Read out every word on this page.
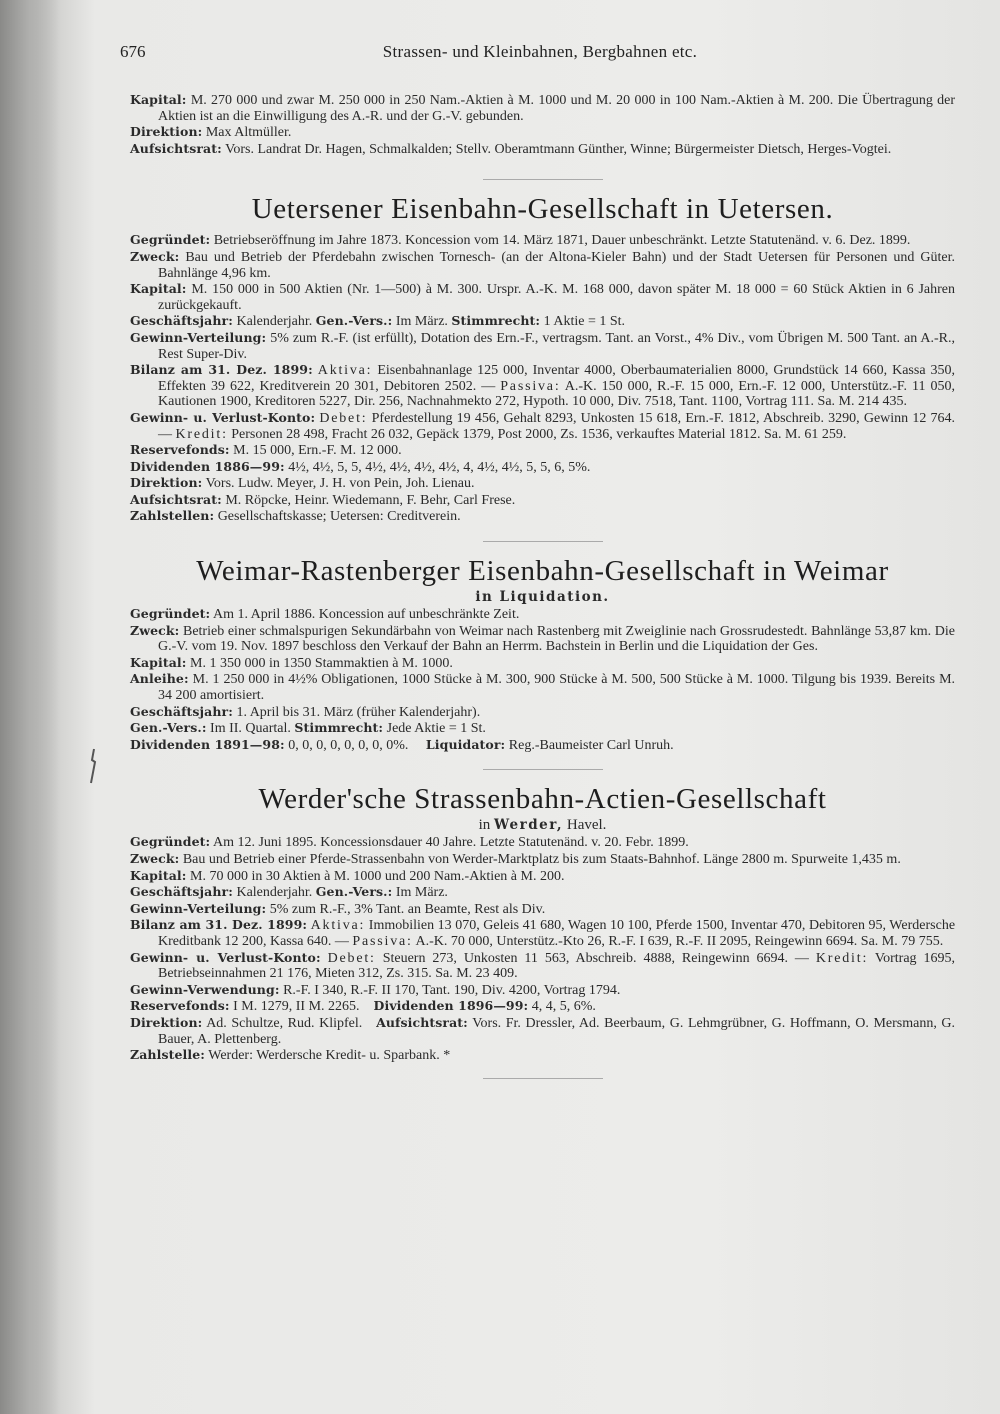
676	Strassen- und Kleinbahnen, Bergbahnen etc.
Kapital: M. 270 000 und zwar M. 250 000 in 250 Nam.-Aktien à M. 1000 und M. 20 000 in 100 Nam.-Aktien à M. 200. Die Übertragung der Aktien ist an die Einwilligung des A.-R. und der G.-V. gebunden.
Direktion: Max Altmüller.
Aufsichtsrat: Vors. Landrat Dr. Hagen, Schmalkalden; Stellv. Oberamtmann Günther, Winne; Bürgermeister Dietsch, Herges-Vogtei.
Uetersener Eisenbahn-Gesellschaft in Uetersen.
Gegründet: Betriebseröffnung im Jahre 1873. Koncession vom 14. März 1871, Dauer unbeschränkt. Letzte Statutenänd. v. 6. Dez. 1899.
Zweck: Bau und Betrieb der Pferdebahn zwischen Tornesch- (an der Altona-Kieler Bahn) und der Stadt Uetersen für Personen und Güter. Bahnlänge 4,96 km.
Kapital: M. 150 000 in 500 Aktien (Nr. 1—500) à M. 300. Urspr. A.-K. M. 168 000, davon später M. 18 000 = 60 Stück Aktien in 6 Jahren zurückgekauft.
Geschäftsjahr: Kalenderjahr. Gen.-Vers.: Im März. Stimmrecht: 1 Aktie = 1 St.
Gewinn-Verteilung: 5% zum R.-F. (ist erfüllt), Dotation des Ern.-F., vertragsm. Tant. an Vorst., 4% Div., vom Übrigen M. 500 Tant. an A.-R., Rest Super-Div.
Bilanz am 31. Dez. 1899: Aktiva: Eisenbahnanlage 125 000, Inventar 4000, Oberbaumaterialien 8000, Grundstück 14 660, Kassa 350, Effekten 39 622, Kreditverein 20 301, Debitoren 2502. — Passiva: A.-K. 150 000, R.-F. 15 000, Ern.-F. 12 000, Unterstütz.-F. 11 050, Kautionen 1900, Kreditoren 5227, Dir. 256, Nachnahmekto 272, Hypoth. 10 000, Div. 7518, Tant. 1100, Vortrag 111. Sa. M. 214 435.
Gewinn- u. Verlust-Konto: Debet: Pferdestellung 19 456, Gehalt 8293, Unkosten 15 618, Ern.-F. 1812, Abschreib. 3290, Gewinn 12 764. — Kredit: Personen 28 498, Fracht 26 032, Gepäck 1379, Post 2000, Zs. 1536, verkauftes Material 1812. Sa. M. 61 259.
Reservefonds: M. 15 000, Ern.-F. M. 12 000.
Dividenden 1886—99: 4½, 4½, 5, 5, 4½, 4½, 4½, 4½, 4, 4½, 4½, 5, 5, 6, 5%.
Direktion: Vors. Ludw. Meyer, J. H. von Pein, Joh. Lienau.
Aufsichtsrat: M. Röpcke, Heinr. Wiedemann, F. Behr, Carl Frese.
Zahlstellen: Gesellschaftskasse; Uetersen: Creditverein.
Weimar-Rastenberger Eisenbahn-Gesellschaft in Weimar
in Liquidation.
Gegründet: Am 1. April 1886. Koncession auf unbeschränkte Zeit.
Zweck: Betrieb einer schmalspurigen Sekundärbahn von Weimar nach Rastenberg mit Zweiglinie nach Grossrudestedt. Bahnlänge 53,87 km. Die G.-V. vom 19. Nov. 1897 beschloss den Verkauf der Bahn an Herrm. Bachstein in Berlin und die Liquidation der Ges.
Kapital: M. 1 350 000 in 1350 Stammaktien à M. 1000.
Anleihe: M. 1 250 000 in 4½% Obligationen, 1000 Stücke à M. 300, 900 Stücke à M. 500, 500 Stücke à M. 1000. Tilgung bis 1939. Bereits M. 34 200 amortisiert.
Geschäftsjahr: 1. April bis 31. März (früher Kalenderjahr).
Gen.-Vers.: Im II. Quartal. Stimmrecht: Jede Aktie = 1 St.
Dividenden 1891—98: 0, 0, 0, 0, 0, 0, 0, 0%. Liquidator: Reg.-Baumeister Carl Unruh.
Werder'sche Strassenbahn-Actien-Gesellschaft
in Werder, Havel.
Gegründet: Am 12. Juni 1895. Koncessionsdauer 40 Jahre. Letzte Statutenänd. v. 20. Febr. 1899.
Zweck: Bau und Betrieb einer Pferde-Strassenbahn von Werder-Marktplatz bis zum Staats-Bahnhof. Länge 2800 m. Spurweite 1,435 m.
Kapital: M. 70 000 in 30 Aktien à M. 1000 und 200 Nam.-Aktien à M. 200.
Geschäftsjahr: Kalenderjahr. Gen.-Vers.: Im März.
Gewinn-Verteilung: 5% zum R.-F., 3% Tant. an Beamte, Rest als Div.
Bilanz am 31. Dez. 1899: Aktiva: Immobilien 13 070, Geleis 41 680, Wagen 10 100, Pferde 1500, Inventar 470, Debitoren 95, Werdersche Kreditbank 12 200, Kassa 640. — Passiva: A.-K. 70 000, Unterstütz.-Kto 26, R.-F. I 639, R.-F. II 2095, Reingewinn 6694. Sa. M. 79 755.
Gewinn- u. Verlust-Konto: Debet: Steuern 273, Unkosten 11 563, Abschreib. 4888, Reingewinn 6694. — Kredit: Vortrag 1695, Betriebseinnahmen 21 176, Mieten 312, Zs. 315. Sa. M. 23 409.
Gewinn-Verwendung: R.-F. I 340, R.-F. II 170, Tant. 190, Div. 4200, Vortrag 1794.
Reservefonds: I M. 1279, II M. 2265. Dividenden 1896—99: 4, 4, 5, 6%.
Direktion: Ad. Schultze, Rud. Klipfel. Aufsichtsrat: Vors. Fr. Dressler, Ad. Beerbaum, G. Lehmgrübner, G. Hoffmann, O. Mersmann, G. Bauer, A. Plettenberg.
Zahlstelle: Werder: Werdersche Kredit- u. Sparbank. *
